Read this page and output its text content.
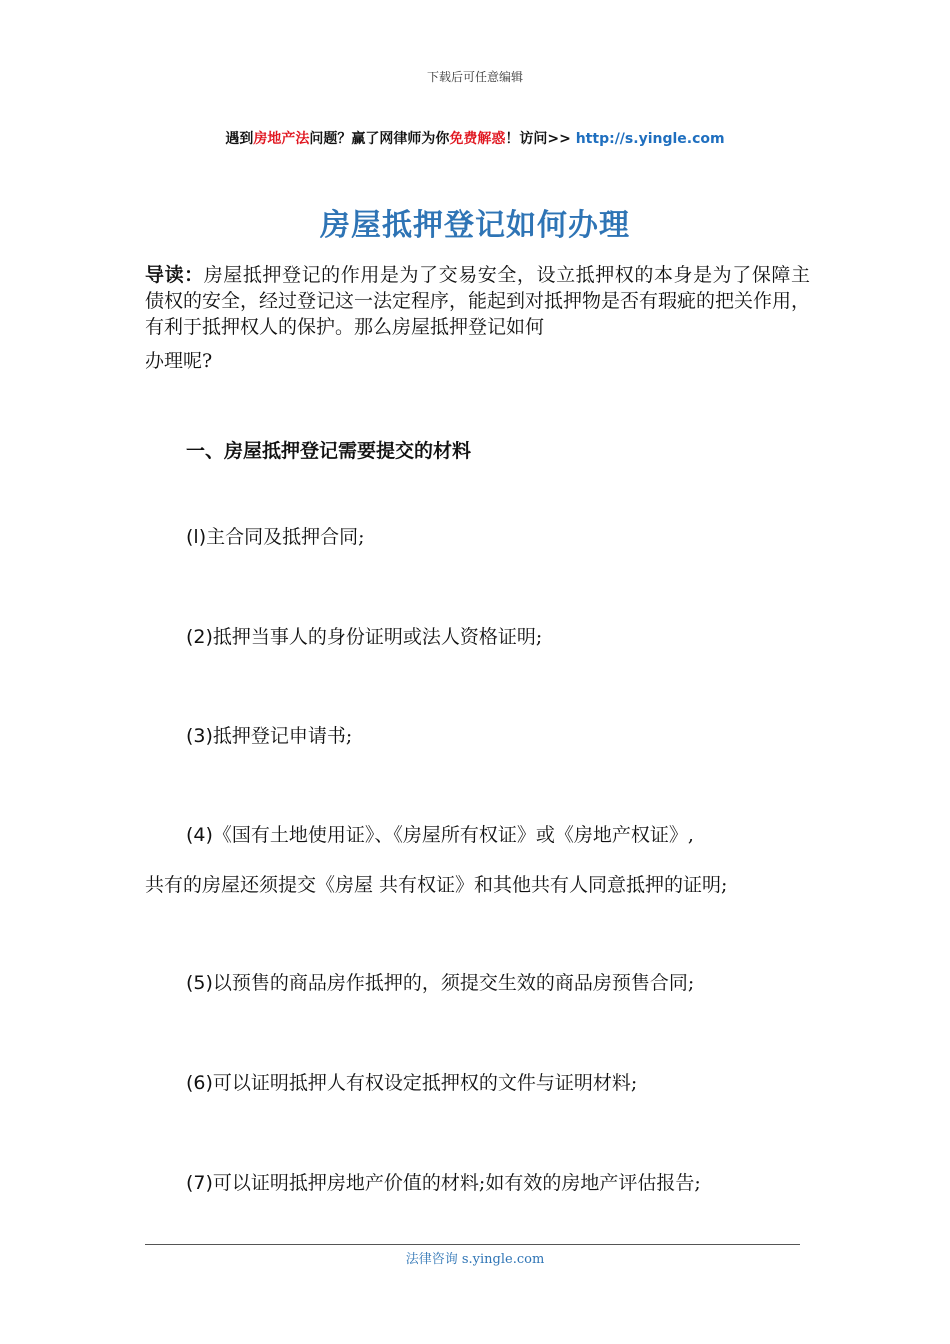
下载后可任意编辑
遇到房地产法问题？赢了网律师为你免费解惑！访问>> http://s.yingle.com
房屋抵押登记如何办理
导读：房屋抵押登记的作用是为了交易安全，设立抵押权的本身是为了保障主债权的安全，经过登记这一法定程序，能起到对抵押物是否有瑕疵的把关作用，有利于抵押权人的保护。那么房屋抵押登记如何
办理呢?
一、房屋抵押登记需要提交的材料
(l)主合同及抵押合同;
(2)抵押当事人的身份证明或法人资格证明;
(3)抵押登记申请书;
(4)《国有土地使用证》、《房屋所有权证》或《房地产权证》,
共有的房屋还须提交《房屋 共有权证》和其他共有人同意抵押的证明;
(5)以预售的商品房作抵押的，须提交生效的商品房预售合同;
(6)可以证明抵押人有权设定抵押权的文件与证明材料;
(7)可以证明抵押房地产价值的材料;如有效的房地产评估报告;
法律咨询 s.yingle.com
